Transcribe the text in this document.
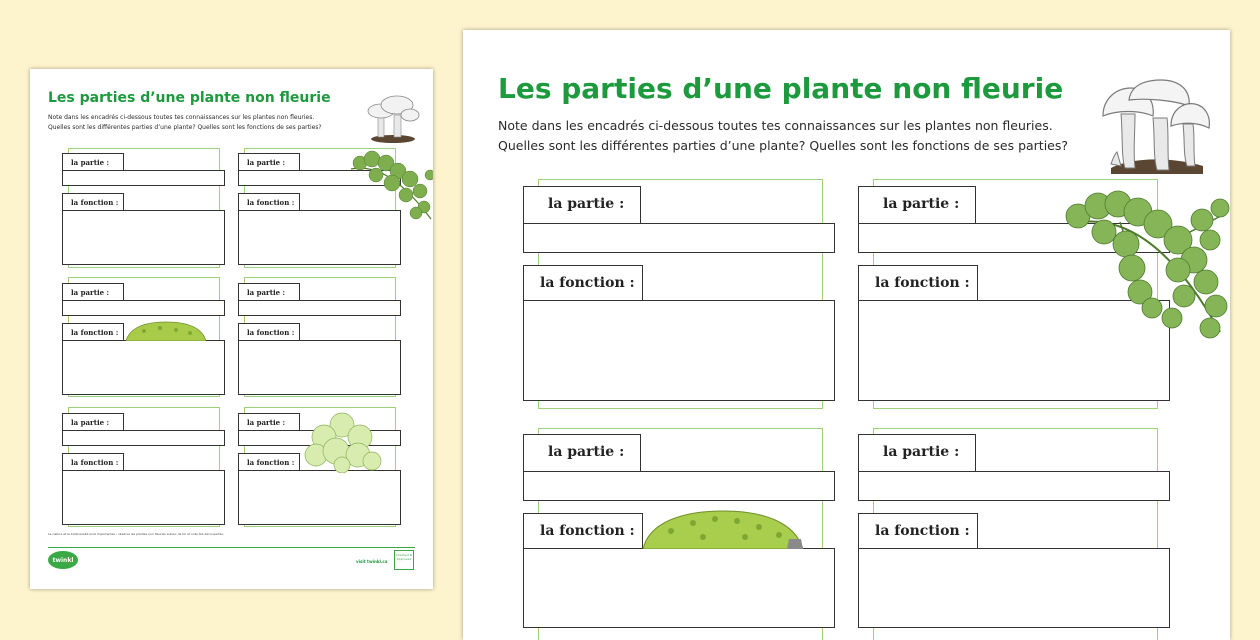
Les parties d’une plante non fleurie
Note dans les encadrés ci-dessous toutes tes connaissances sur les plantes non fleuries.
Quelles sont les différentes parties d’une plante? Quelles sont les fonctions de ses parties?
la partie :
la fonction :
la partie :
la fonction :
la partie :
la fonction :
la partie :
la fonction :
la partie :
la fonction :
la partie :
la fonction :
La nature et la biodiversité sont importantes : observe les plantes non fleuries autour de toi et note tes découvertes.
twinkl	visit twinkl.ca
Checked & Approved
Les parties d’une plante non fleurie
Note dans les encadrés ci-dessous toutes tes connaissances sur les plantes non fleuries.
Quelles sont les différentes parties d’une plante? Quelles sont les fonctions de ses parties?
la partie :
la fonction :
la partie :
la fonction :
la partie :
la fonction :
la partie :
la fonction :
